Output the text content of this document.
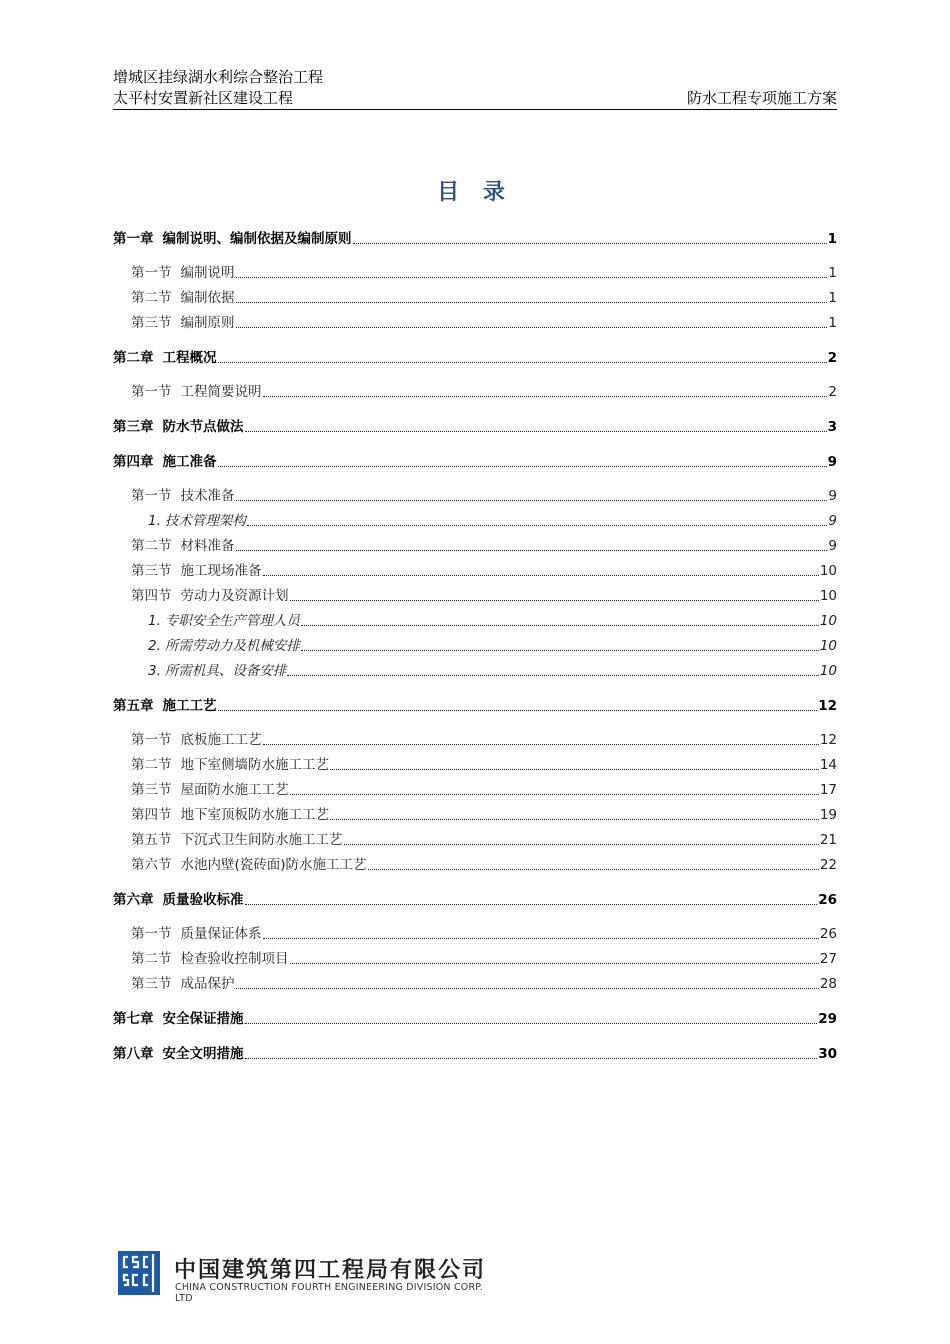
增城区挂绿湖水利综合整治工程
太平村安置新社区建设工程	防水工程专项施工方案
目 录
第一章 编制说明、编制依据及编制原则	1
第一节 编制说明	1
第二节 编制依据	1
第三节 编制原则	1
第二章 工程概况	2
第一节 工程简要说明	2
第三章 防水节点做法	3
第四章 施工准备	9
第一节 技术准备	9
1. 技术管理架构	9
第二节 材料准备	9
第三节 施工现场准备	10
第四节 劳动力及资源计划	10
1. 专职安全生产管理人员	10
2. 所需劳动力及机械安排	10
3. 所需机具、设备安排	10
第五章 施工工艺	12
第一节 底板施工工艺	12
第二节 地下室侧墙防水施工工艺	14
第三节 屋面防水施工工艺	17
第四节 地下室顶板防水施工工艺	19
第五节 下沉式卫生间防水施工工艺	21
第六节 水池内壁(瓷砖面)防水施工工艺	22
第六章 质量验收标准	26
第一节 质量保证体系	26
第二节 检查验收控制项目	27
第三节 成品保护	28
第七章 安全保证措施	29
第八章 安全文明措施	30
中国建筑第四工程局有限公司
CHINA CONSTRUCTION FOURTH ENGINEERING DIVISION CORP. LTD
